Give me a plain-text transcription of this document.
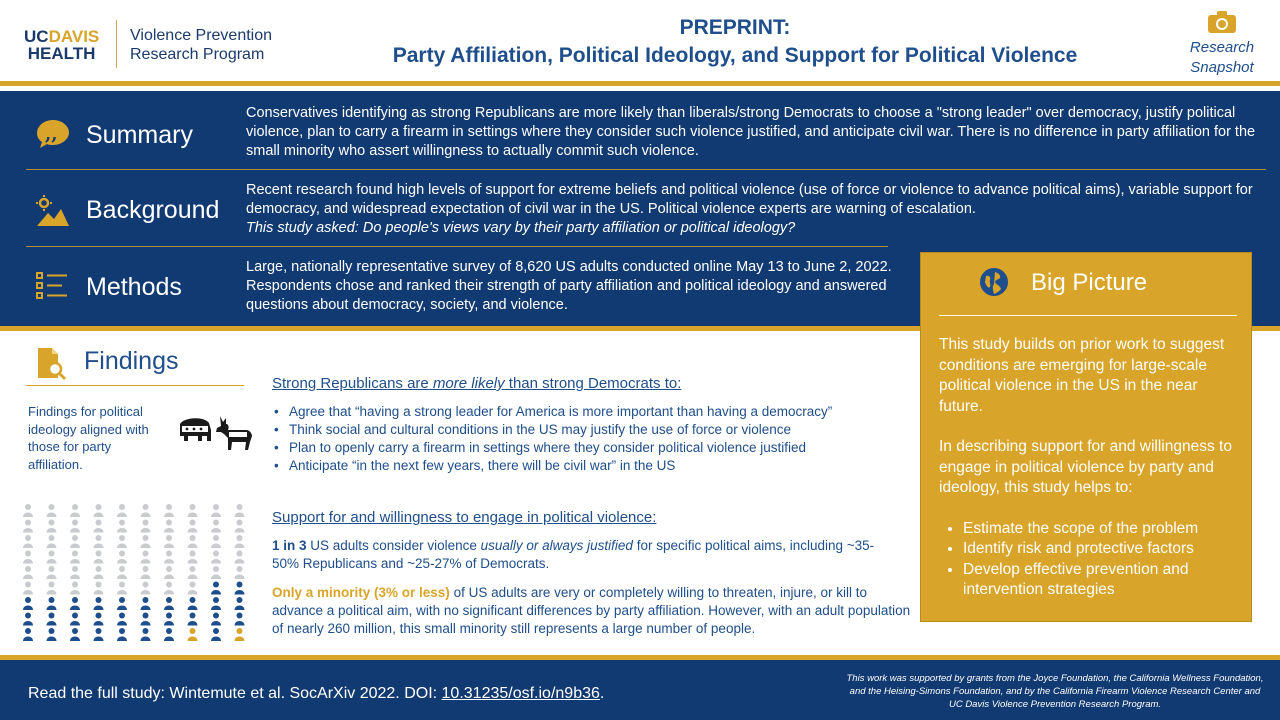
UCDAVIS
HEALTH
Violence Prevention
Research Program
PREPRINT:
Party Affiliation, Political Ideology, and Support for Political Violence	Research
Snapshot
,, Summary
Conservatives identifying as strong Republicans are more likely than liberals/strong Democrats to choose a "strong leader" over democracy, justify political violence, plan to carry a firearm in settings where they consider such violence justified, and anticipate civil war. There is no difference in party affiliation for the small minority who assert willingness to actually commit such violence.
Background
Recent research found high levels of support for extreme beliefs and political violence (use of force or violence to advance political aims), variable support for democracy, and widespread expectation of civil war in the US. Political violence experts are warning of escalation.
This study asked: Do people's views vary by their party affiliation or political ideology?
Methods
Large, nationally representative survey of 8,620 US adults conducted online May 13 to June 2, 2022. Respondents chose and ranked their strength of party affiliation and political ideology and answered questions about democracy, society, and violence.
Big Picture

This study builds on prior work to suggest conditions are emerging for large-scale political violence in the US in the near future.

In describing support for and willingness to engage in political violence by party and ideology, this study helps to:

• Estimate the scope of the problem
• Identify risk and protective factors
• Develop effective prevention and intervention strategies
Findings
Findings for political ideology aligned with those for party affiliation.
Strong Republicans are more likely than strong Democrats to:
• Agree that “having a strong leader for America is more important than having a democracy”
• Think social and cultural conditions in the US may justify the use of force or violence
• Plan to openly carry a firearm in settings where they consider political violence justified
• Anticipate “in the next few years, there will be civil war” in the US
Support for and willingness to engage in political violence:
1 in 3 US adults consider violence usually or always justified for specific political aims, including ~35-50% Republicans and ~25-27% of Democrats.
Only a minority (3% or less) of US adults are very or completely willing to threaten, injure, or kill to advance a political aim, with no significant differences by party affiliation. However, with an adult population of nearly 260 million, this small minority still represents a large number of people.
Read the full study: Wintemute et al. SocArXiv 2022. DOI: 10.31235/osf.io/n9b36.
This work was supported by grants from the Joyce Foundation, the California Wellness Foundation, and the Heising-Simons Foundation, and by the California Firearm Violence Research Center and UC Davis Violence Prevention Research Program.
